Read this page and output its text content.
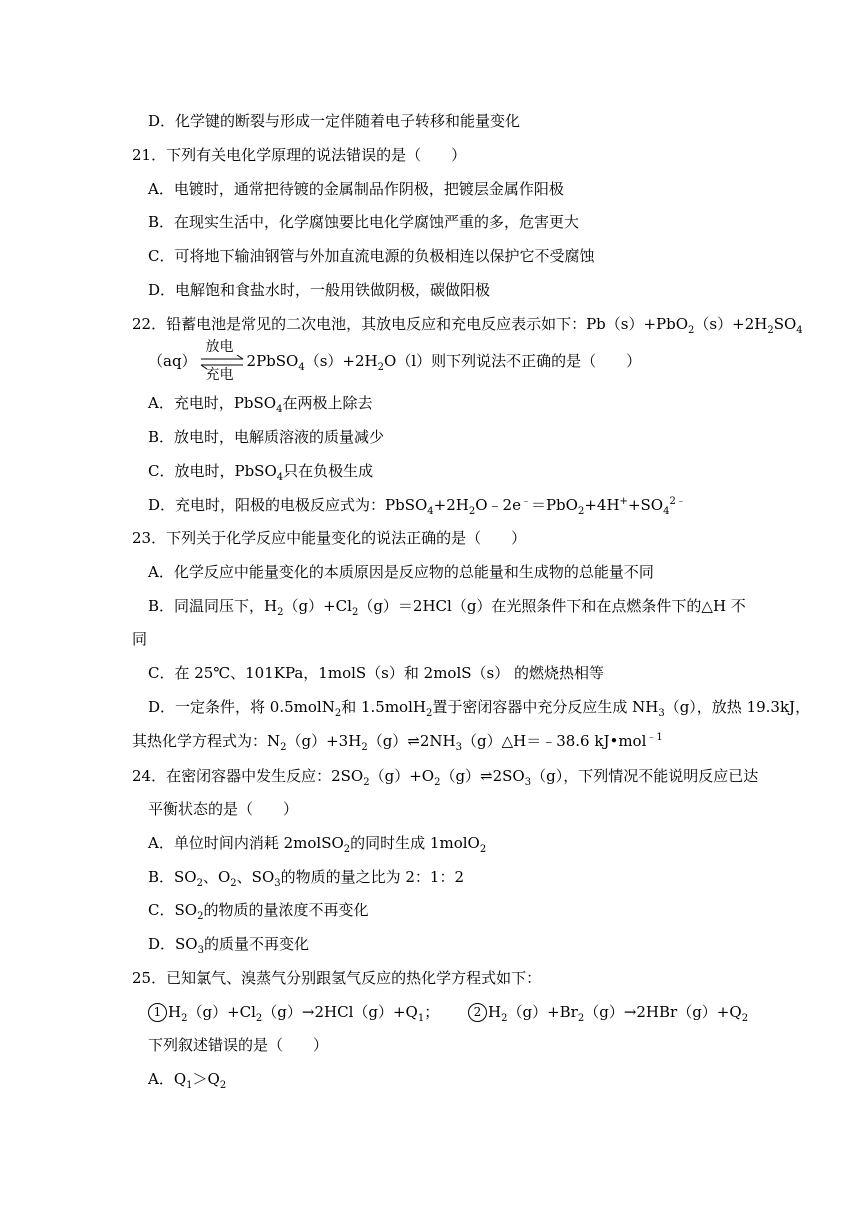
D．化学键的断裂与形成一定伴随着电子转移和能量变化
21．下列有关电化学原理的说法错误的是（　　）
A．电镀时，通常把待镀的金属制品作阴极，把镀层金属作阳极
B．在现实生活中，化学腐蚀要比电化学腐蚀严重的多，危害更大
C．可将地下输油钢管与外加直流电源的负极相连以保护它不受腐蚀
D．电解饱和食盐水时，一般用铁做阴极，碳做阳极
22．铅蓄电池是常见的二次电池，其放电反应和充电反应表示如下：$Pb(s)+PbO_2(s)+2H_2SO_4$
（aq）
放电
充电
$2PbSO_4(s)+2H_2O(l)$则下列说法不正确的是（　　）
A．充电时，PbSO$_4$在两极上除去
B．放电时，电解质溶液的质量减少
C．放电时，PbSO$_4$只在负极生成
D．充电时，阳极的电极反应式为：$PbSO_4+2H_2O﹣2e^﹣=PbO_2+4H^++SO_4^{2﹣}$
23．下列关于化学反应中能量变化的说法正确的是（　　）
A．化学反应中能量变化的本质原因是反应物的总能量和生成物的总能量不同
B．同温同压下，$H_2(g)+Cl_2(g)=2HCl(g)$在光照条件下和在点燃条件下的△H 不
同
C．在 25℃、101KPa，1molS（s）和 2molS（s） 的燃烧热相等
D．一定条件，将 0.5molN$_2$和 1.5molH$_2$置于密闭容器中充分反应生成 $NH_3(g)$，放热 19.3kJ，
其热化学方程式为：$N_2(g)+3H_2(g)\rightleftharpoons 2NH_3(g)\triangle H=﹣38.6$ kJ•mol$^{﹣1}$
24．在密闭容器中发生反应：$2SO_2(g)+O_2(g)\rightleftharpoons 2SO_3(g)$，下列情况不能说明反应已达
平衡状态的是（　　）
A．单位时间内消耗 2molSO$_2$的同时生成 1molO$_2$
B．$SO_2$、$O_2$、$SO_3$的物质的量之比为 2：1：2
C．$SO_2$的物质的量浓度不再变化
D．$SO_3$的质量不再变化
25．已知氯气、溴蒸气分别跟氢气反应的热化学方程式如下：
1 $H_2(g)+Cl_2(g)\to 2HCl(g)+Q_1$；	2 $H_2(g)+Br_2(g)\to 2HBr(g)+Q_2$
下列叙述错误的是（　　）
A．$Q_1>Q_2$
